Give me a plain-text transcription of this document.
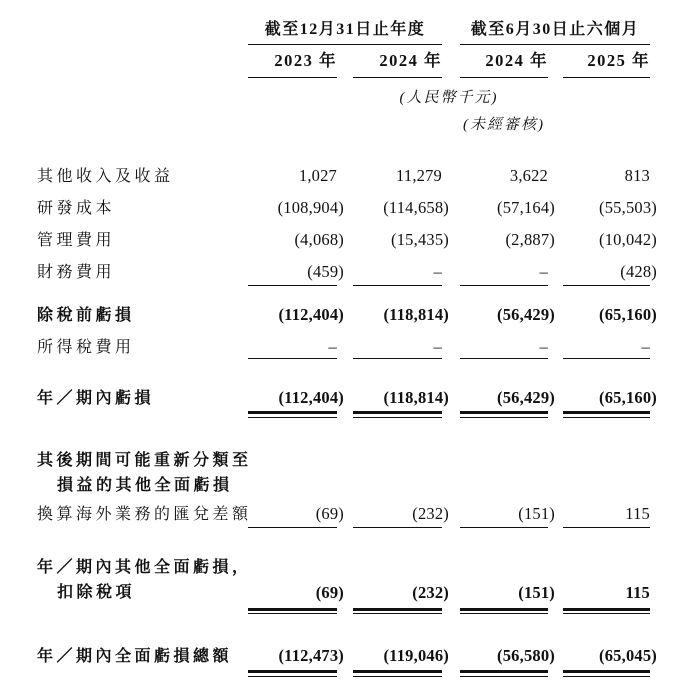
截至12月31日止年度	截至6月30日止六個月
2023 年	2024 年	2024 年	2025 年
(人民幣千元)
(未經審核)
其他收入及收益	1,027	11,279	3,622	813
研發成本	(108,904)	(114,658)	(57,164)	(55,503)
管理費用	(4,068)	(15,435)	(2,887)	(10,042)
財務費用	(459)	–	–	(428)
除稅前虧損	(112,404)	(118,814)	(56,429)	(65,160)
所得稅費用	–	–	–	–
年／期內虧損	(112,404)	(118,814)	(56,429)	(65,160)
其後期間可能重新分類至
損益的其他全面虧損
換算海外業務的匯兌差額	(69)	(232)	(151)	115
年／期內其他全面虧損，
扣除稅項	(69)	(232)	(151)	115
年／期內全面虧損總額	(112,473)	(119,046)	(56,580)	(65,045)
